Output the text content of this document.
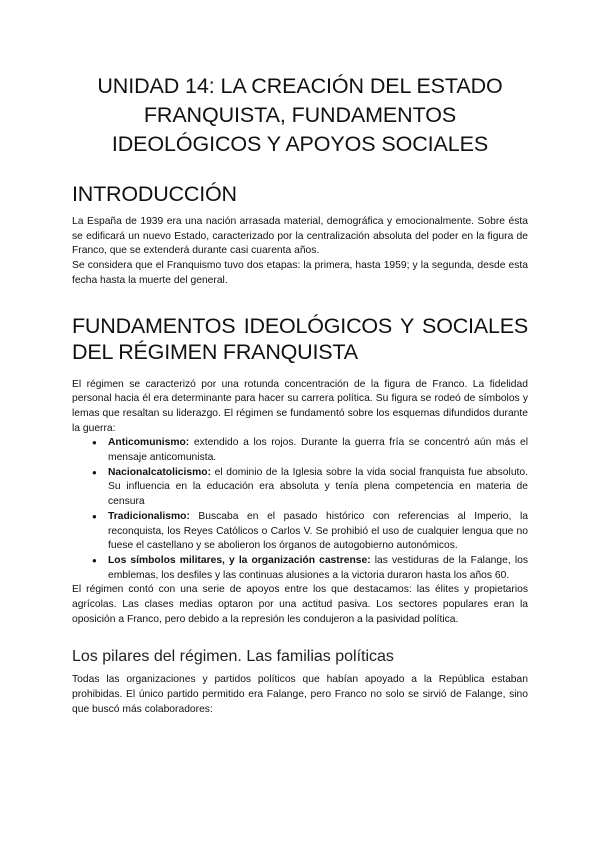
UNIDAD 14: LA CREACIÓN DEL ESTADO
FRANQUISTA, FUNDAMENTOS
IDEOLÓGICOS Y APOYOS SOCIALES
INTRODUCCIÓN

La España de 1939 era una nación arrasada material, demográfica y emocionalmente. Sobre ésta se edificará un nuevo Estado, caracterizado por la centralización absoluta del poder en la figura de Franco, que se extenderá durante casi cuarenta años.

Se considera que el Franquismo tuvo dos etapas: la primera, hasta 1959; y la segunda, desde esta fecha hasta la muerte del general.

FUNDAMENTOS IDEOLÓGICOS Y SOCIALES
DEL RÉGIMEN FRANQUISTA

El régimen se caracterizó por una rotunda concentración de la figura de Franco. La fidelidad personal hacia él era determinante para hacer su carrera política. Su figura se rodeó de símbolos y lemas que resaltan su liderazgo. El régimen se fundamentó sobre los esquemas difundidos durante la guerra:

● Anticomunismo: extendido a los rojos. Durante la guerra fría se concentró aún más el mensaje anticomunista.
● Nacionalcatolicismo: el dominio de la Iglesia sobre la vida social franquista fue absoluto. Su influencia en la educación era absoluta y tenía plena competencia en materia de censura
● Tradicionalismo: Buscaba en el pasado histórico con referencias al Imperio, la reconquista, los Reyes Católicos o Carlos V. Se prohibió el uso de cualquier lengua que no fuese el castellano y se abolieron los órganos de autogobierno autonómicos.
● Los símbolos militares, y la organización castrense: las vestiduras de la Falange, los emblemas, los desfiles y las continuas alusiones a la victoria duraron hasta los años 60.

El régimen contó con una serie de apoyos entre los que destacamos: las élites y propietarios agrícolas. Las clases medias optaron por una actitud pasiva. Los sectores populares eran la oposición a Franco, pero debido a la represión les condujeron a la pasividad política.

Los pilares del régimen. Las familias políticas

Todas las organizaciones y partidos políticos que habían apoyado a la República estaban prohibidas. El único partido permitido era Falange, pero Franco no solo se sirvió de Falange, sino que buscó más colaboradores:
